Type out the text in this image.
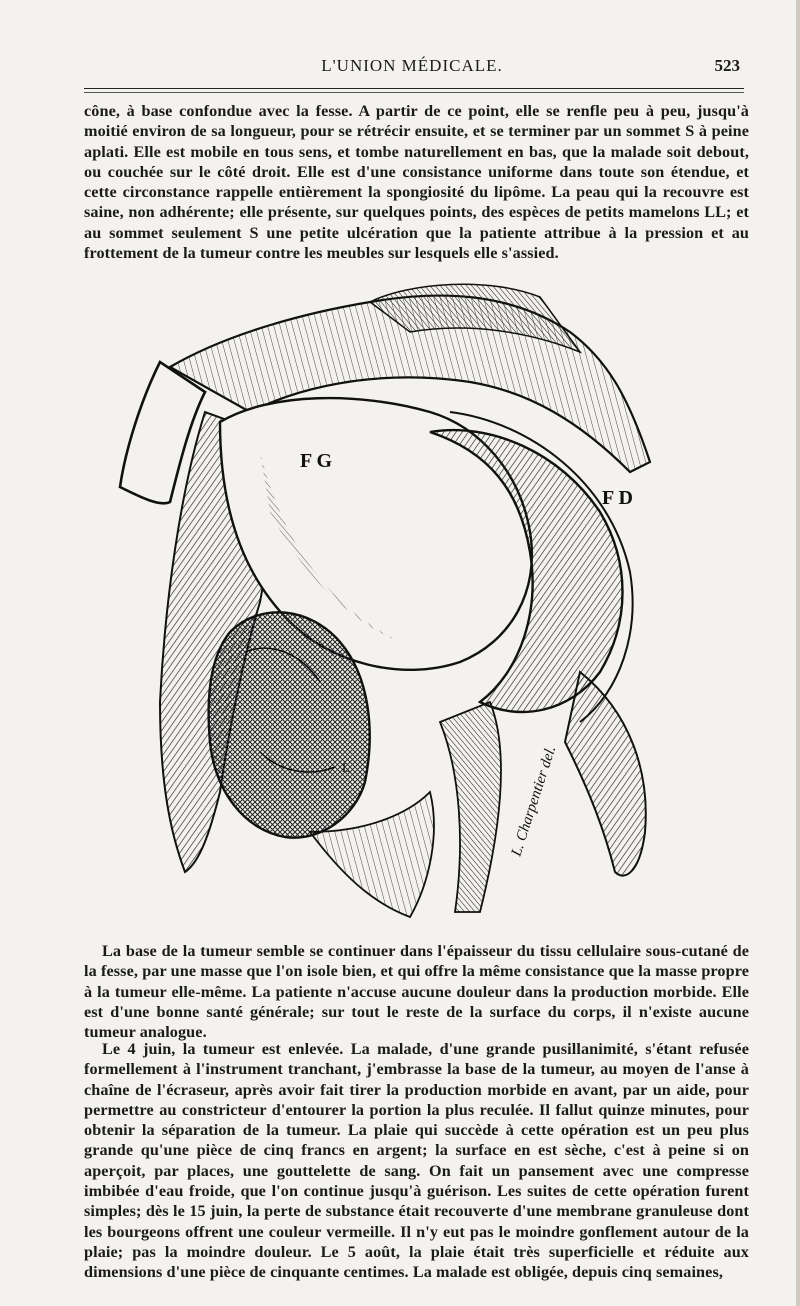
L'UNION MÉDICALE.	523
cône, à base confondue avec la fesse. A partir de ce point, elle se renfle peu à peu, jusqu'à moitié environ de sa longueur, pour se rétrécir ensuite, et se terminer par un sommet S à peine aplati. Elle est mobile en tous sens, et tombe naturellement en bas, que la malade soit debout, ou couchée sur le côté droit. Elle est d'une consistance uniforme dans toute son étendue, et cette circonstance rappelle entièrement la spongiosité du lipôme. La peau qui la recouvre est saine, non adhérente; elle présente, sur quelques points, des espèces de petits mamelons LL; et au sommet seulement S une petite ulcération que la patiente attribue à la pression et au frottement de la tumeur contre les meubles sur lesquels elle s'assied.
F G
F D
L	L. Charpentier del.
La base de la tumeur semble se continuer dans l'épaisseur du tissu cellulaire sous-cutané de la fesse, par une masse que l'on isole bien, et qui offre la même consistance que la masse propre à la tumeur elle-même. La patiente n'accuse aucune douleur dans la production morbide. Elle est d'une bonne santé générale; sur tout le reste de la surface du corps, il n'existe aucune tumeur analogue.
Le 4 juin, la tumeur est enlevée. La malade, d'une grande pusillanimité, s'étant refusée formellement à l'instrument tranchant, j'embrasse la base de la tumeur, au moyen de l'anse à chaîne de l'écraseur, après avoir fait tirer la production morbide en avant, par un aide, pour permettre au constricteur d'entourer la portion la plus reculée. Il fallut quinze minutes, pour obtenir la séparation de la tumeur. La plaie qui succède à cette opération est un peu plus grande qu'une pièce de cinq francs en argent; la surface en est sèche, c'est à peine si on aperçoit, par places, une gouttelette de sang. On fait un pansement avec une compresse imbibée d'eau froide, que l'on continue jusqu'à guérison. Les suites de cette opération furent simples; dès le 15 juin, la perte de substance était recouverte d'une membrane granuleuse dont les bourgeons offrent une couleur vermeille. Il n'y eut pas le moindre gonflement autour de la plaie; pas la moindre douleur. Le 5 août, la plaie était très superficielle et réduite aux dimensions d'une pièce de cinquante centimes. La malade est obligée, depuis cinq semaines,
